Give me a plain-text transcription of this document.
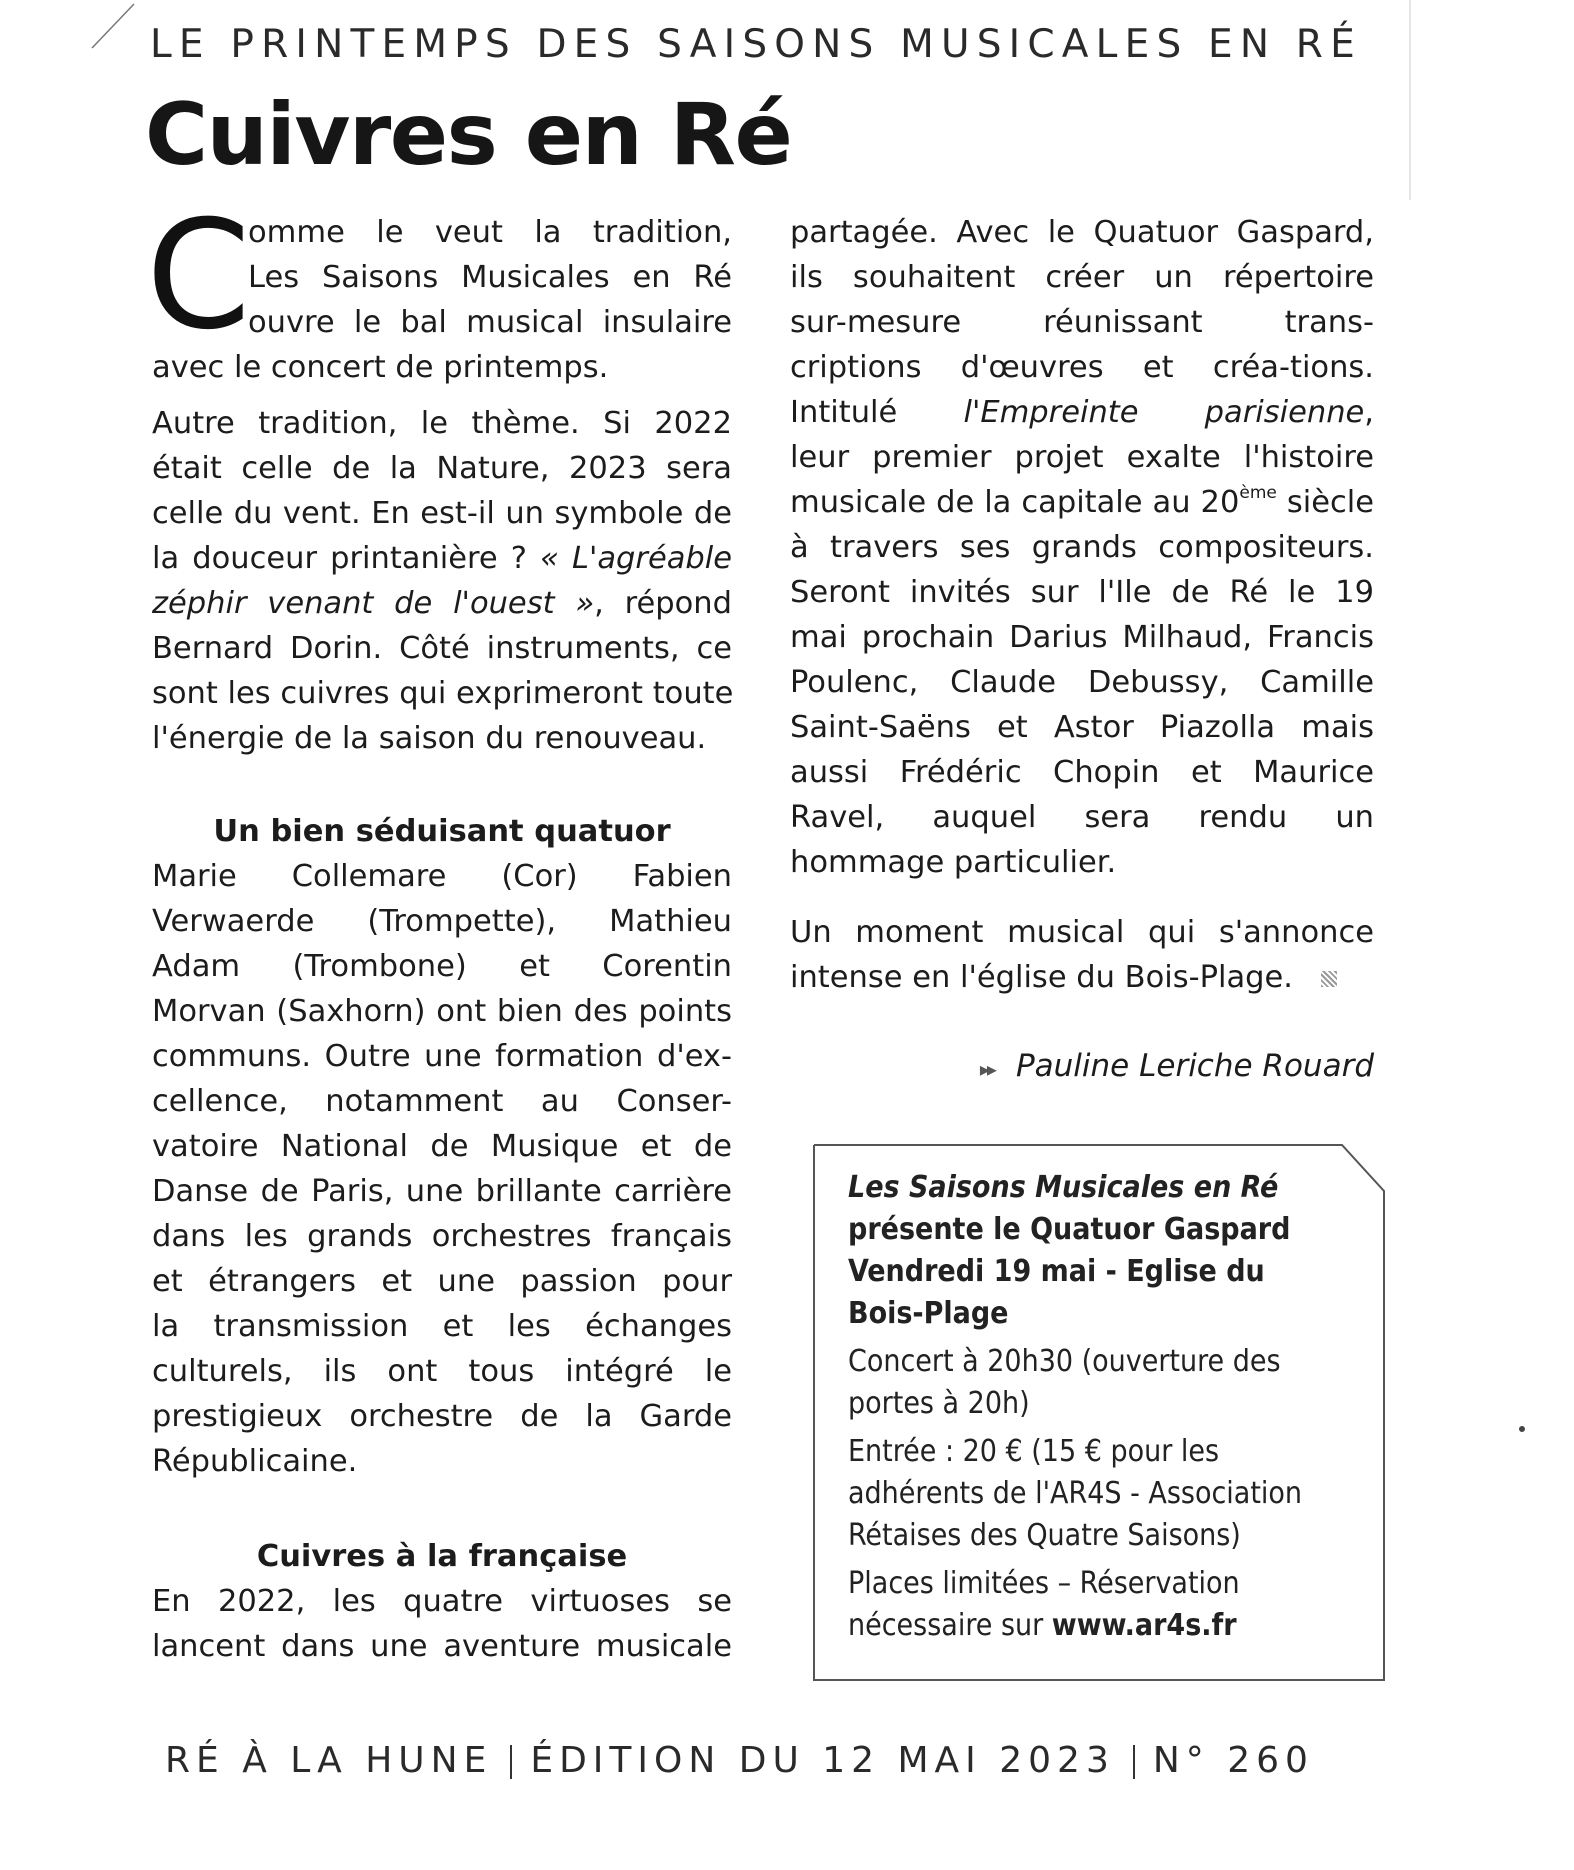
LE PRINTEMPS DES SAISONS MUSICALES EN RÉ
Cuivres en Ré
C
omme le veut la tradition,
Les Saisons Musicales en Ré
ouvre le bal musical insulaire
avec le concert de printemps.
Autre tradition, le thème. Si 2022
était celle de la Nature, 2023 sera
celle du vent. En est-il un symbole de
la douceur printanière ? « L'agréable
zéphir venant de l'ouest », répond
Bernard Dorin. Côté instruments, ce
sont les cuivres qui exprimeront toute
l'énergie de la saison du renouveau.
Un bien séduisant quatuor
Marie Collemare (Cor) Fabien
Verwaerde (Trompette), Mathieu
Adam (Trombone) et Corentin
Morvan (Saxhorn) ont bien des points
communs. Outre une formation d'ex-
cellence, notamment au Conser-
vatoire National de Musique et de
Danse de Paris, une brillante carrière
dans les grands orchestres français
et étrangers et une passion pour
la transmission et les échanges
culturels, ils ont tous intégré le
prestigieux orchestre de la Garde
Républicaine.
Cuivres à la française
En 2022, les quatre virtuoses se
lancent dans une aventure musicale
partagée. Avec le Quatuor Gaspard,
ils souhaitent créer un répertoire
sur-mesure réunissant trans-
criptions d'œuvres et créa-tions.
Intitulé l'Empreinte parisienne,
leur premier projet exalte l'histoire
musicale de la capitale au 20ème siècle
à travers ses grands compositeurs.
Seront invités sur l'Ile de Ré le 19
mai prochain Darius Milhaud, Francis
Poulenc, Claude Debussy, Camille
Saint-Saëns et Astor Piazolla mais
aussi Frédéric Chopin et Maurice
Ravel, auquel sera rendu un
hommage particulier.
Un moment musical qui s'annonce
intense en l'église du Bois-Plage.
▸▸ Pauline Leriche Rouard
Les Saisons Musicales en Ré
présente le Quatuor Gaspard
Vendredi 19 mai - Eglise du
Bois-Plage
Concert à 20h30 (ouverture des
portes à 20h)
Entrée : 20 € (15 € pour les
adhérents de l'AR4S - Association
Rétaises des Quatre Saisons)
Places limitées – Réservation
nécessaire sur www.ar4s.fr
RÉ À LA HUNE ÉDITION DU 12 MAI 2023 N° 260
